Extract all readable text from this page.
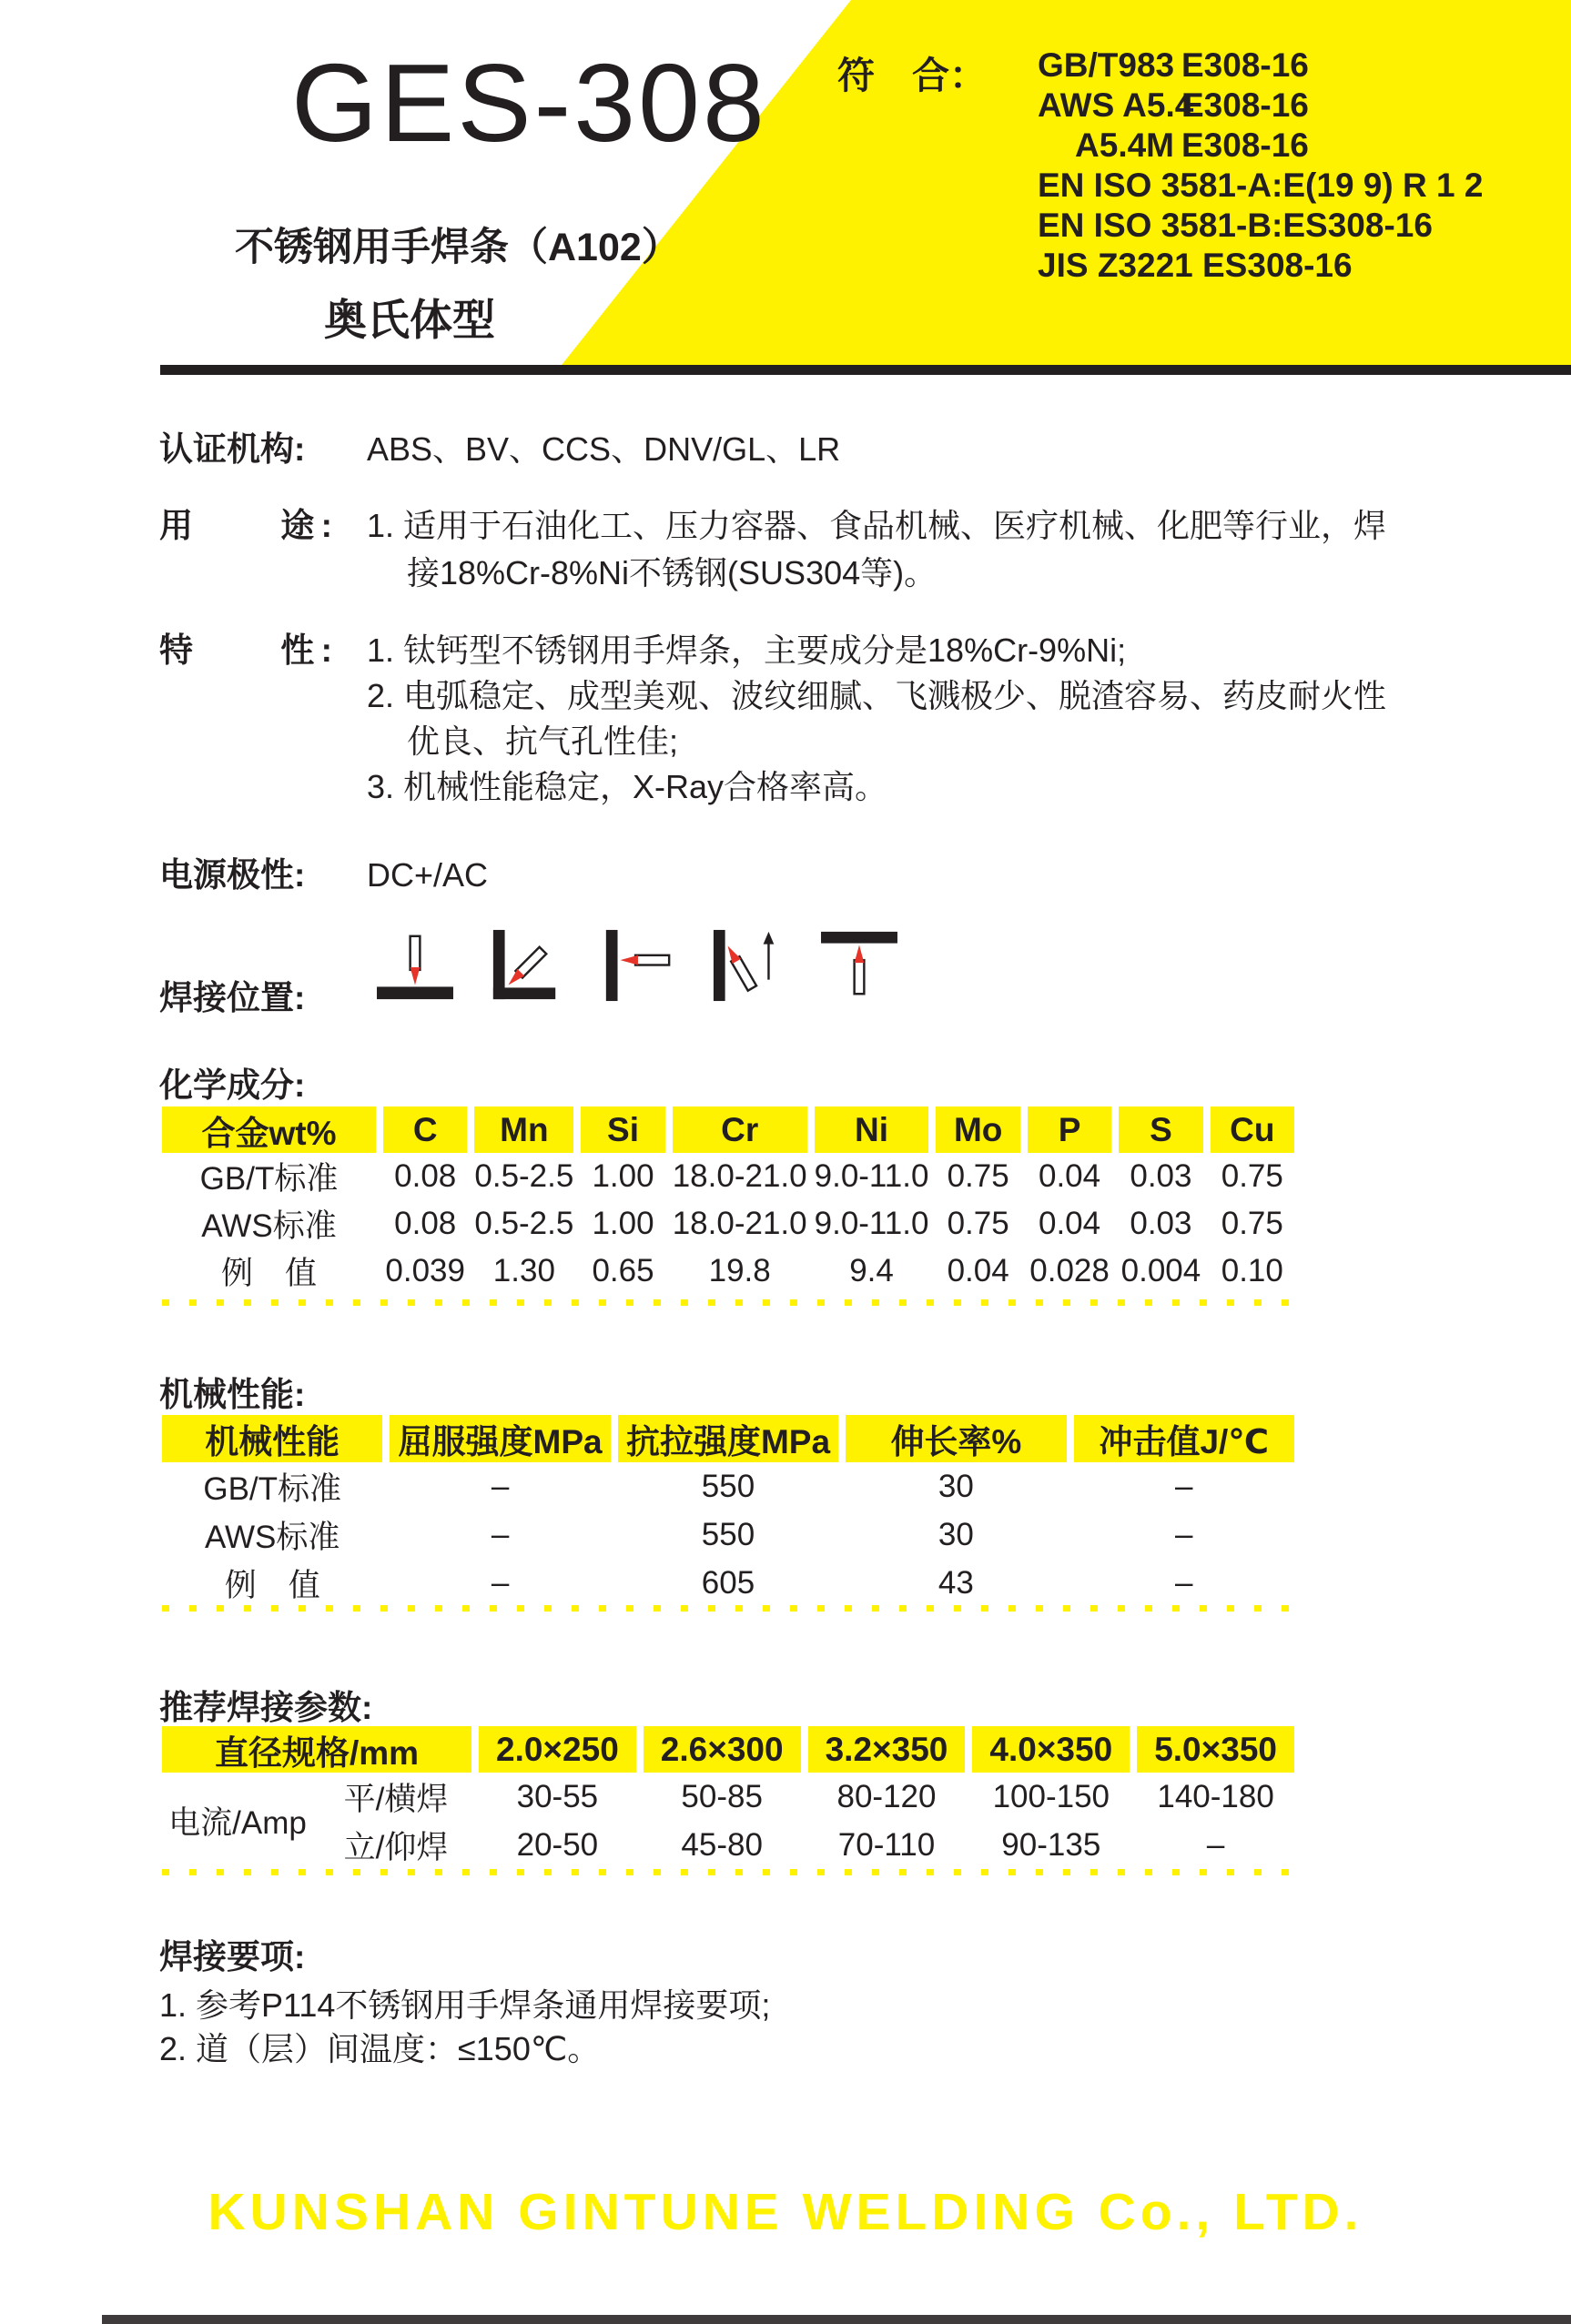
GES-308
不锈钢用手焊条（A102）
奥氏体型
符　合： GB/T983 E308-16
AWS A5.4E308-16
A5.4M E308-16
EN ISO 3581-A:E(19 9) R 1 2
EN ISO 3581-B:ES308-16
JIS Z3221 ES308-16
认证机构:	ABS、BV、CCS、DNV/GL、LR
用　　途: 1. 适用于石油化工、压力容器、食品机械、医疗机械、化肥等行业，焊
接18%Cr-8%Ni不锈钢(SUS304等)。
特　　性: 1. 钛钙型不锈钢用手焊条，主要成分是18%Cr-9%Ni;
2. 电弧稳定、成型美观、波纹细腻、飞溅极少、脱渣容易、药皮耐火性
优良、抗气孔性佳;
3. 机械性能稳定，X-Ray合格率高。
电源极性:	DC+/AC
焊接位置:
化学成分:
合金wt%	C	Mn	Si	Cr	Ni	Mo	P	S	Cu
GB/T标准	0.08 0.5-2.5 1.00 18.0-21.0 9.0-11.0 0.75 0.04 0.03 0.75
AWS标准	0.08 0.5-2.5 1.00 18.0-21.0 9.0-11.0 0.75 0.04 0.03 0.75
例　值	0.039 1.30	0.65	19.8	9.4	0.04 0.028 0.004 0.10
机械性能:
机械性能	屈服强度MPa 抗拉强度MPa	伸长率%	冲击值J/℃
GB/T标准	–	550	30	–
AWS标准	–	550	30	–
例　值	–	605	43	–
推荐焊接参数:
直径规格/mm	2.0×250	2.6×300	3.2×350	4.0×350	5.0×350
电流/Amp
平/横焊	30-55	50-85	80-120	100-150	140-180
立/仰焊	20-50	45-80	70-110	90-135	–
焊接要项:
1. 参考P114不锈钢用手焊条通用焊接要项;
2. 道（层）间温度：≤150℃。
KUNSHAN GINTUNE WELDING Co., LTD.
